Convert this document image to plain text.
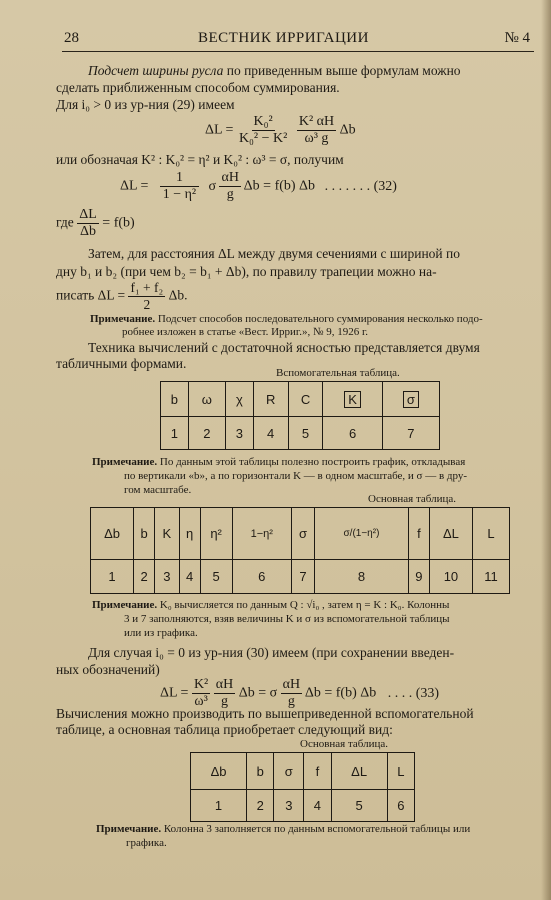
28	ВЕСТНИК ИРРИГАЦИИ	№ 4
Подсчет ширины русла по приведенным выше формулам можно
сделать приближенным способом суммирования.
Для i₀ > 0 из ур-ния (29) имеем
$\Delta L = \frac{\text{K₀²}}{\text{K₀² − K²}}$
$\frac{\text{K² αH}}{\text{ω³ g}}$ Δb
или обозначая K² : K₀² = η² и K₀² : ω³ = σ, получим
$\Delta L = \frac{1}{\text{1 − η²}}$ σ $\frac{\alpha H}{g}$ Δb = f(b) Δb . . . . . . . (32)
где $\frac{\Delta L}{\Delta b} = f(b)$
Затем, для расстояния ΔL между двумя сечениями с шириной по
дну b₁ и b₂ (при чем b₂ = b₁ + Δb), по правилу трапеции можно на-
писать $\Delta L = \frac{\text{f₁ + f₂}}{2} \Delta b$.
Примечание. Подсчет способов последовательного суммирования несколько подо-
робнее изложен в статье «Вест. Ирриг.», № 9, 1926 г.
Техника вычислений с достаточной ясностью представляется двумя
табличными формами.
Вспомогательная таблица.
b	ω	χ	R	C	K	σ
1	2	3	4	5	6	7
Примечание. По данным этой таблицы полезно построить график, откладывая
по вертикали «b», а по горизонтали K — в одном масштабе, и σ — в дру-
гом масштабе.
Основная таблица.
Δb	b	K	η	η²	1−η²	σ	σ/(1−η²)	f	ΔL	L
1	2	3	4	5	6	7	8	9	10	11
Примечание. K₀ вычисляется по данным Q : √i₀ , затем η = K : K₀. Колонны
3 и 7 заполняются, взяв величины K и σ из вспомогательной таблицы
или из графика.
Для случая i₀ = 0 из ур-ния (30) имеем (при сохранении введен-
ных обозначений)
$\Delta L = \frac{\text{K²}}{\text{ω³}}$
$\frac{\alpha H}{g}$ Δb = σ $\frac{\alpha H}{g}$ Δb = f(b) Δb . . . . (33)
Вычисления можно производить по вышеприведенной вспомогательной
таблице, а основная таблица приобретает следующий вид:
Основная таблица.
Δb	b	σ	f	ΔL	L
1	2	3	4	5	6
Примечание. Колонна 3 заполняется по данным вспомогательной таблицы или
графика.
